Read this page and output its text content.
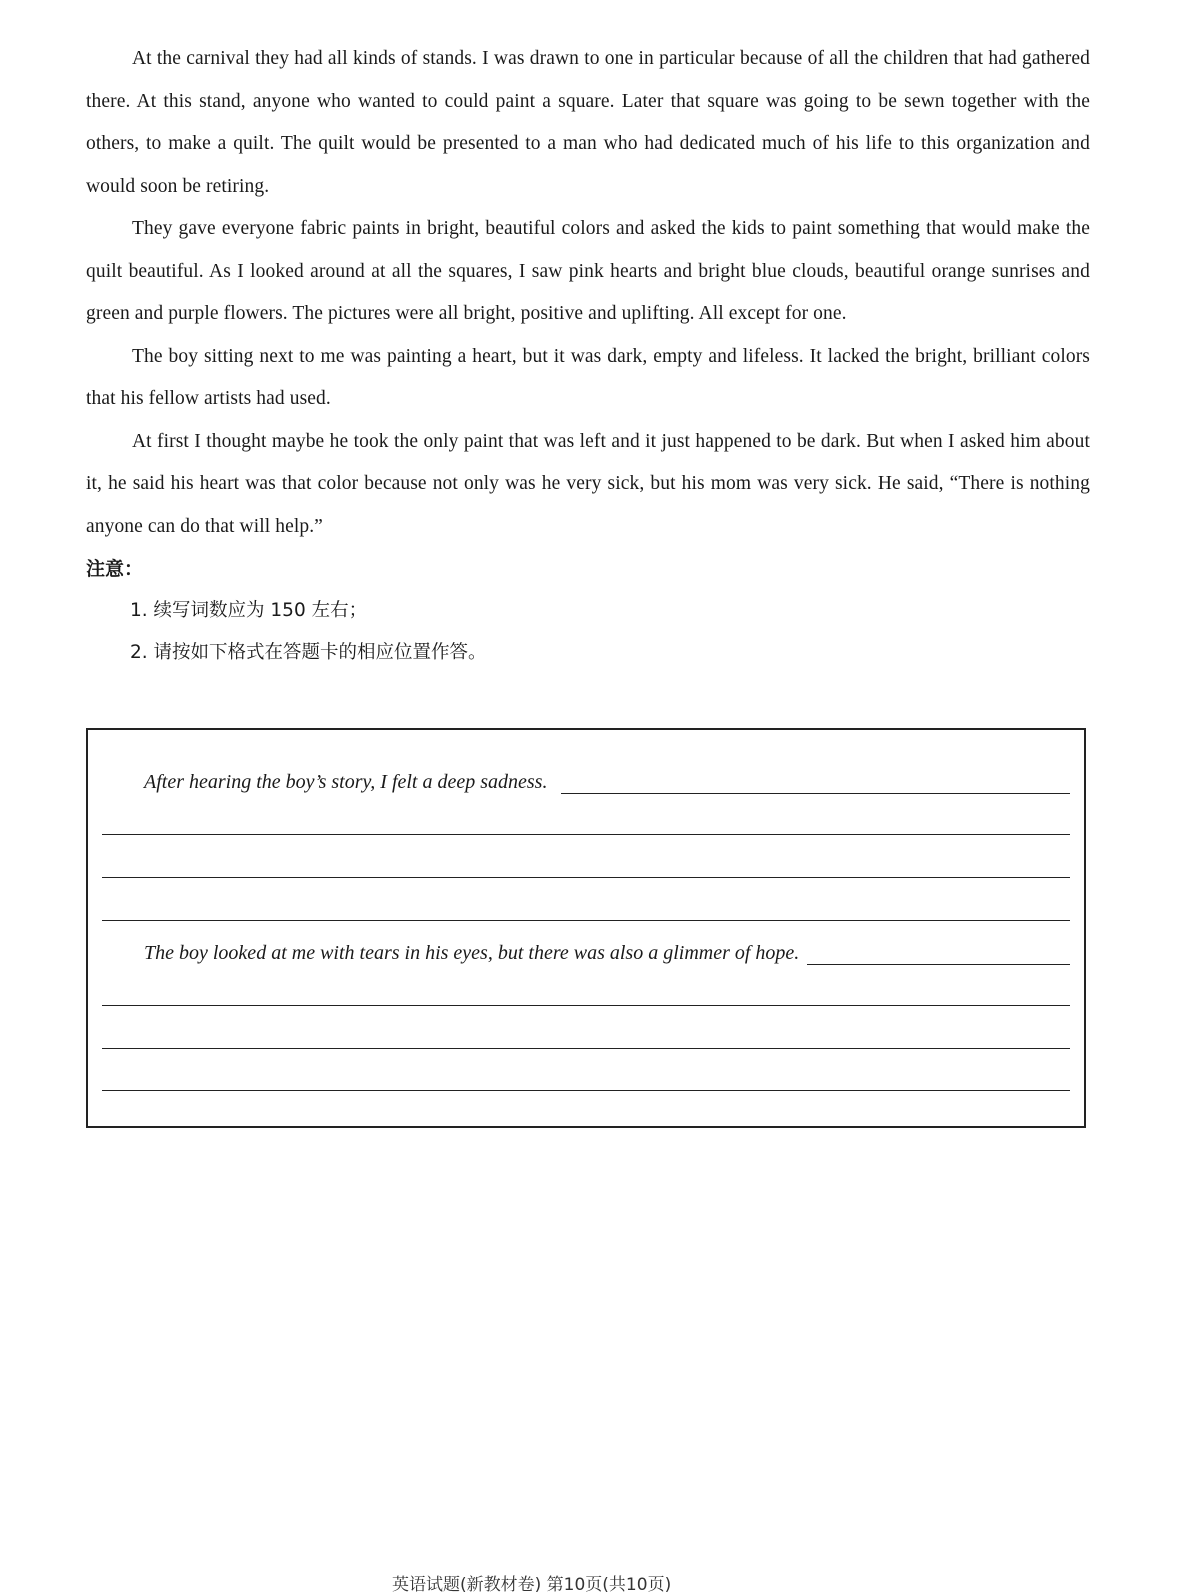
At the carnival they had all kinds of stands. I was drawn to one in particular because of all the children that had gathered there. At this stand, anyone who wanted to could paint a square. Later that square was going to be sewn together with the others, to make a quilt. The quilt would be presented to a man who had dedicated much of his life to this organization and would soon be retiring.

They gave everyone fabric paints in bright, beautiful colors and asked the kids to paint something that would make the quilt beautiful. As I looked around at all the squares, I saw pink hearts and bright blue clouds, beautiful orange sunrises and green and purple flowers. The pictures were all bright, positive and uplifting. All except for one.

The boy sitting next to me was painting a heart, but it was dark, empty and lifeless. It lacked the bright, brilliant colors that his fellow artists had used.

At first I thought maybe he took the only paint that was left and it just happened to be dark. But when I asked him about it, he said his heart was that color because not only was he very sick, but his mom was very sick. He said, “There is nothing anyone can do that will help.”

注意：

1. 续写词数应为 150 左右；

2. 请按如下格式在答题卡的相应位置作答。

After hearing the boy’s story, I felt a deep sadness.
The boy looked at me with tears in his eyes, but there was also a glimmer of hope.
英语试题(新教材卷) 第10页(共10页)
